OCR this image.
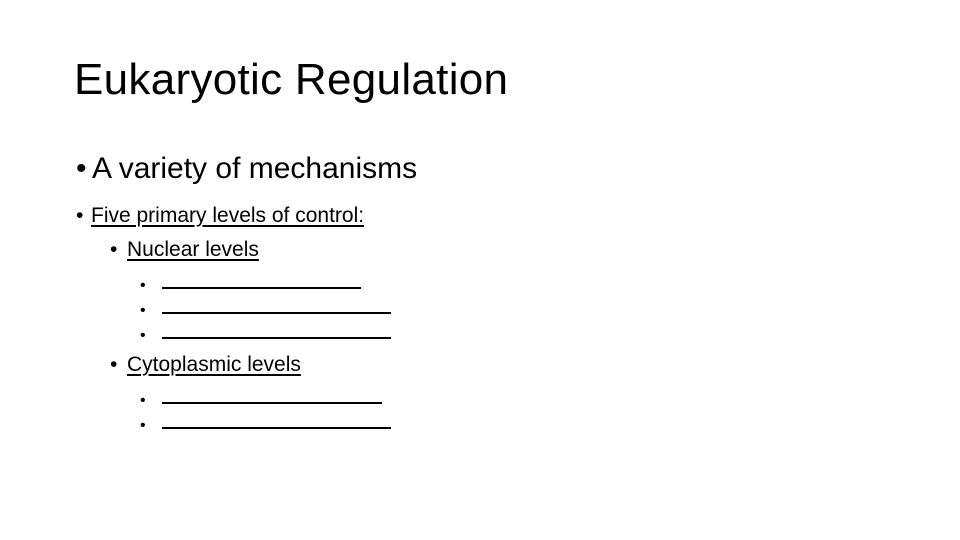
Eukaryotic Regulation
• A variety of mechanisms
• Five primary levels of control:
• Nuclear levels
•
•
•
• Cytoplasmic levels
•
•
